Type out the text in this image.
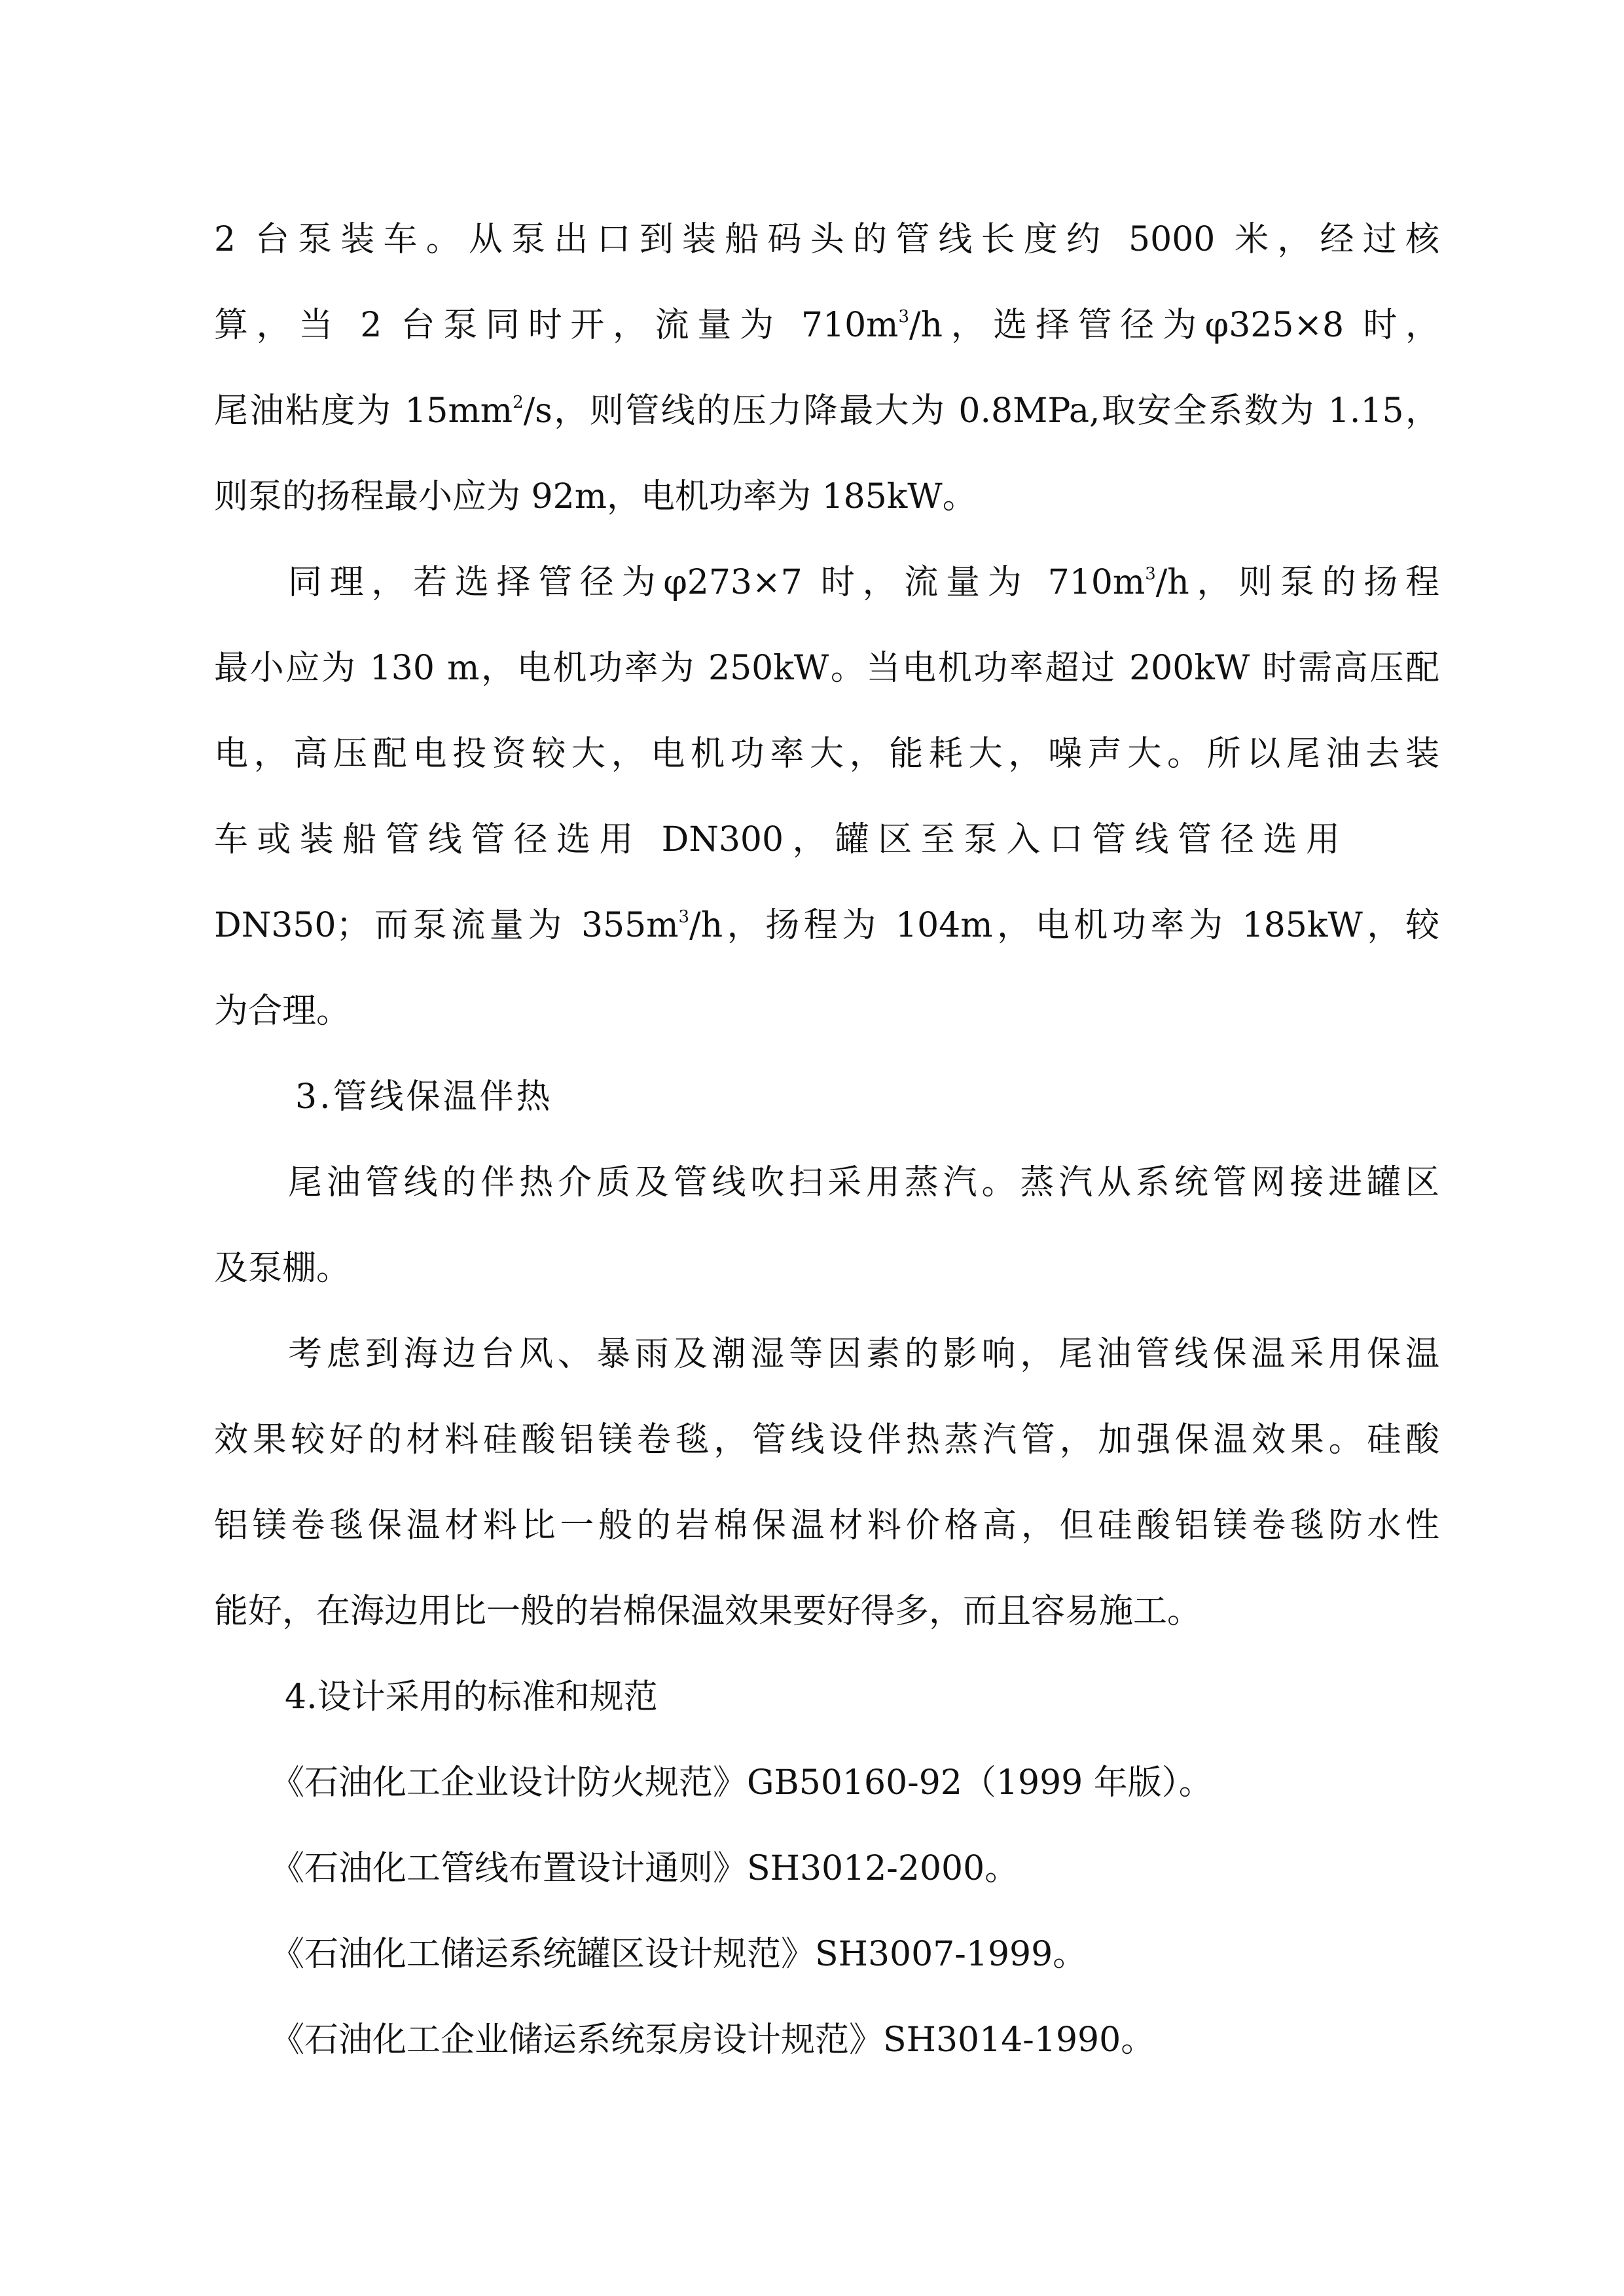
2 台泵装车。从泵出口到装船码头的管线长度约 5000 米，经过核
算，当 2 台泵同时开，流量为 $710m^3/h$，选择管径为φ325×8 时，
尾油粘度为 $15mm^2/s$，则管线的压力降最大为 0.8MPa,取安全系数为 1.15，
则泵的扬程最小应为 92m，电机功率为 185kW。
同理，若选择管径为φ273×7 时，流量为 $710m^3/h$，则泵的扬程
最小应为 130 m，电机功率为 250kW。当电机功率超过 200kW 时需高压配
电，高压配电投资较大，电机功率大，能耗大，噪声大。所以尾油去装
车或装船管线管径选用 DN300，罐区至泵入口管线管径选用
DN350；而泵流量为 $355m^3/h$，扬程为 104m，电机功率为 185kW，较
为合理。
3.管线保温伴热
尾油管线的伴热介质及管线吹扫采用蒸汽。蒸汽从系统管网接进罐区
及泵棚。
考虑到海边台风、暴雨及潮湿等因素的影响，尾油管线保温采用保温
效果较好的材料硅酸铝镁卷毯，管线设伴热蒸汽管，加强保温效果。硅酸
铝镁卷毯保温材料比一般的岩棉保温材料价格高，但硅酸铝镁卷毯防水性
能好，在海边用比一般的岩棉保温效果要好得多，而且容易施工。
4.设计采用的标准和规范
《石油化工企业设计防火规范》GB50160-92（1999 年版）。
《石油化工管线布置设计通则》SH3012-2000。
《石油化工储运系统罐区设计规范》SH3007-1999。
《石油化工企业储运系统泵房设计规范》SH3014-1990。
